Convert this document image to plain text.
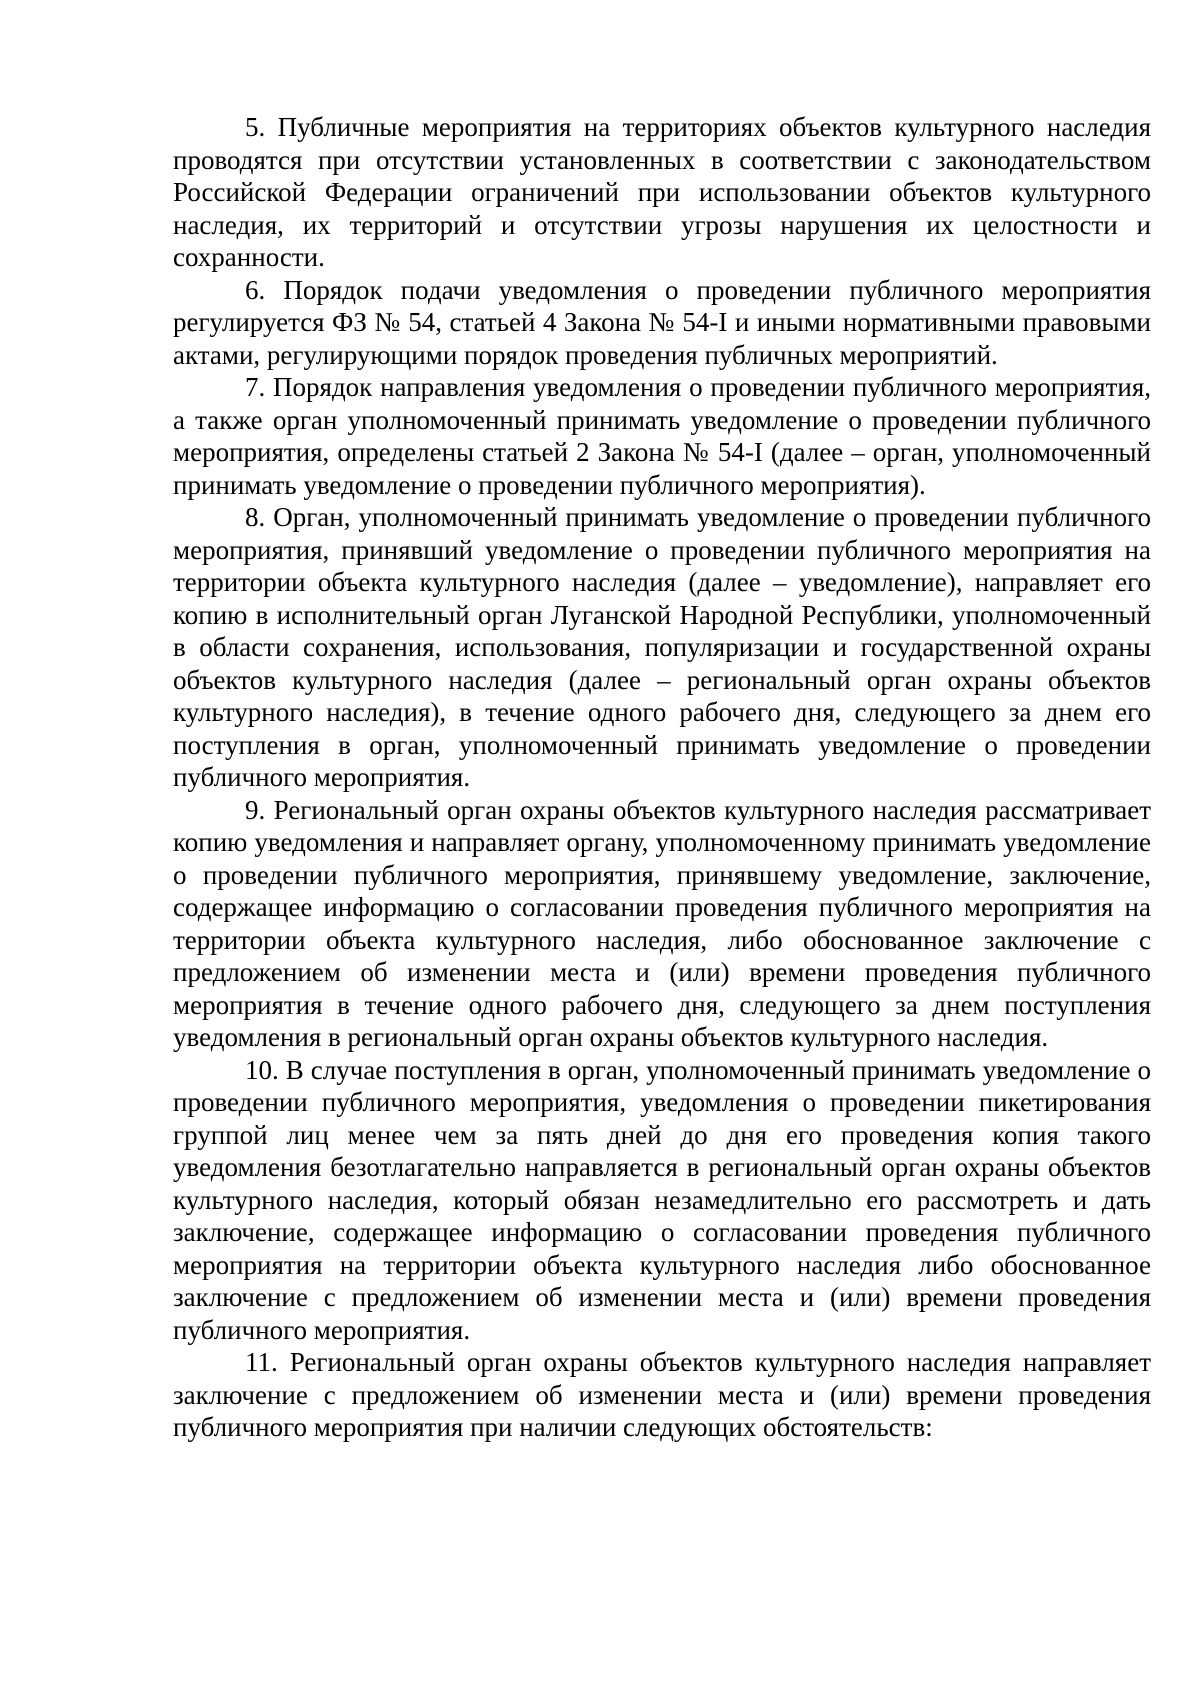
5. Публичные мероприятия на территориях объектов культурного наследия проводятся при отсутствии установленных в соответствии с законодательством Российской Федерации ограничений при использовании объектов культурного наследия, их территорий и отсутствии угрозы нарушения их целостности и сохранности.

6. Порядок подачи уведомления о проведении публичного мероприятия регулируется ФЗ № 54, статьей 4 Закона № 54-I и иными нормативными правовыми актами, регулирующими порядок проведения публичных мероприятий.

7. Порядок направления уведомления о проведении публичного мероприятия, а также орган уполномоченный принимать уведомление о проведении публичного мероприятия, определены статьей 2 Закона № 54-I (далее – орган, уполномоченный принимать уведомление о проведении публичного мероприятия).

8. Орган, уполномоченный принимать уведомление о проведении публичного мероприятия, принявший уведомление о проведении публичного мероприятия на территории объекта культурного наследия (далее – уведомление), направляет его копию в исполнительный орган Луганской Народной Республики, уполномоченный в области сохранения, использования, популяризации и государственной охраны объектов культурного наследия (далее – региональный орган охраны объектов культурного наследия), в течение одного рабочего дня, следующего за днем его поступления в орган, уполномоченный принимать уведомление о проведении публичного мероприятия.

9. Региональный орган охраны объектов культурного наследия рассматривает копию уведомления и направляет органу, уполномоченному принимать уведомление о проведении публичного мероприятия, принявшему уведомление, заключение, содержащее информацию о согласовании проведения публичного мероприятия на территории объекта культурного наследия, либо обоснованное заключение с предложением об изменении места и (или) времени проведения публичного мероприятия в течение одного рабочего дня, следующего за днем поступления уведомления в региональный орган охраны объектов культурного наследия.

10. В случае поступления в орган, уполномоченный принимать уведомление о проведении публичного мероприятия, уведомления о проведении пикетирования группой лиц менее чем за пять дней до дня его проведения копия такого уведомления безотлагательно направляется в региональный орган охраны объектов культурного наследия, который обязан незамедлительно его рассмотреть и дать заключение, содержащее информацию о согласовании проведения публичного мероприятия на территории объекта культурного наследия либо обоснованное заключение с предложением об изменении места и (или) времени проведения публичного мероприятия.

11. Региональный орган охраны объектов культурного наследия направляет заключение с предложением об изменении места и (или) времени проведения публичного мероприятия при наличии следующих обстоятельств:
